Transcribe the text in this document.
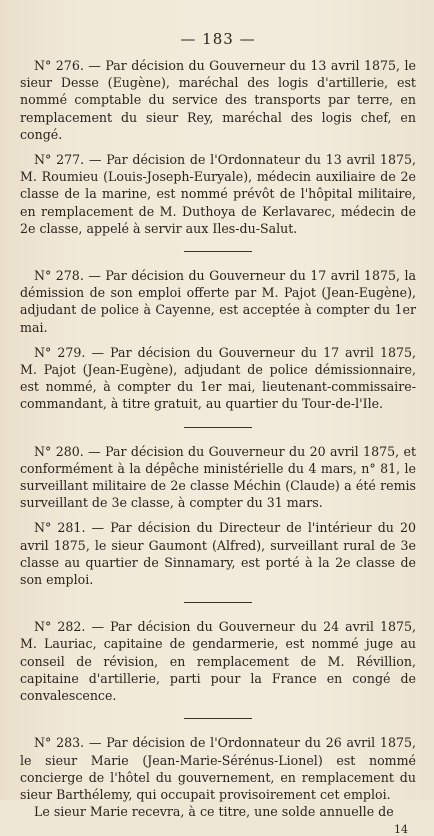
— 183 —

N° 276. — Par décision du Gouverneur du 13 avril 1875, le sieur Desse (Eugène), maréchal des logis d'artillerie, est nommé comptable du service des transports par terre, en remplacement du sieur Rey, maréchal des logis chef, en congé.

N° 277. — Par décision de l'Ordonnateur du 13 avril 1875, M. Roumieu (Louis-Joseph-Euryale), médecin auxiliaire de 2e classe de la marine, est nommé prévôt de l'hôpital militaire, en remplacement de M. Duthoya de Kerlavarec, médecin de 2e classe, appelé à servir aux Iles-du-Salut.

N° 278. — Par décision du Gouverneur du 17 avril 1875, la démission de son emploi offerte par M. Pajot (Jean-Eugène), adjudant de police à Cayenne, est acceptée à compter du 1er mai.

N° 279. — Par décision du Gouverneur du 17 avril 1875, M. Pajot (Jean-Eugène), adjudant de police démissionnaire, est nommé, à compter du 1er mai, lieutenant-commissaire-commandant, à titre gratuit, au quartier du Tour-de-l'Ile.

N° 280. — Par décision du Gouverneur du 20 avril 1875, et conformément à la dépêche ministérielle du 4 mars, n° 81, le surveillant militaire de 2e classe Méchin (Claude) a été remis surveillant de 3e classe, à compter du 31 mars.

N° 281. — Par décision du Directeur de l'intérieur du 20 avril 1875, le sieur Gaumont (Alfred), surveillant rural de 3e classe au quartier de Sinnamary, est porté à la 2e classe de son emploi.

N° 282. — Par décision du Gouverneur du 24 avril 1875, M. Lauriac, capitaine de gendarmerie, est nommé juge au conseil de révision, en remplacement de M. Révillion, capitaine d'artillerie, parti pour la France en congé de convalescence.

N° 283. — Par décision de l'Ordonnateur du 26 avril 1875, le sieur Marie (Jean-Marie-Sérénus-Lionel) est nommé concierge de l'hôtel du gouvernement, en remplacement du sieur Barthélemy, qui occupait provisoirement cet emploi.

Le sieur Marie recevra, à ce titre, une solde annuelle de

14
